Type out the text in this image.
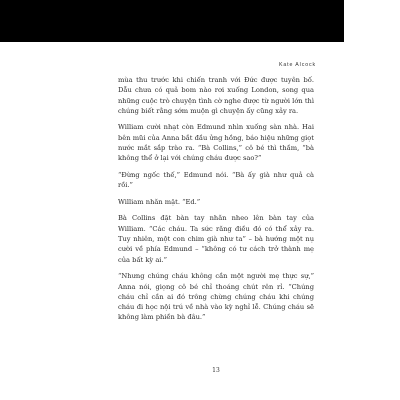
Kate Alcock

mùa thu trước khi chiến tranh với Đức được tuyên bố. Dẫu chưa có quả bom nào rơi xuống London, song qua những cuộc trò chuyện tình cờ nghe được từ người lớn thì chúng biết rằng sớm muộn gì chuyện ấy cũng xảy ra.

William cười nhạt còn Edmund nhìn xuống sàn nhà. Hai bên mũi của Anna bắt đầu ửng hồng, báo hiệu những giọt nước mắt sắp trào ra. “Bà Collins,” cô bé thì thầm, “bà không thể ở lại với chúng cháu được sao?”

“Đừng ngốc thế,” Edmund nói. “Bà ấy già như quả cà rồi.”

William nhăn mặt. “Ed.”

Bà Collins đặt bàn tay nhăn nheo lên bàn tay của William. “Các cháu. Ta sức răng điều đó có thể xảy ra. Tuy nhiên, một con chim già như ta” – bà hướng một nụ cười về phía Edmund – “không có tư cách trở thành mẹ của bất kỳ ai.”

“Nhưng chúng cháu không cần một người mẹ thực sự,” Anna nói, giọng cô bé chỉ thoáng chút rên rỉ. “Chúng cháu chỉ cần ai đó trông chừng chúng cháu khi chúng cháu đi học nội trú về nhà vào kỳ nghỉ lễ. Chúng cháu sẽ không làm phiền bà đâu.”

13
